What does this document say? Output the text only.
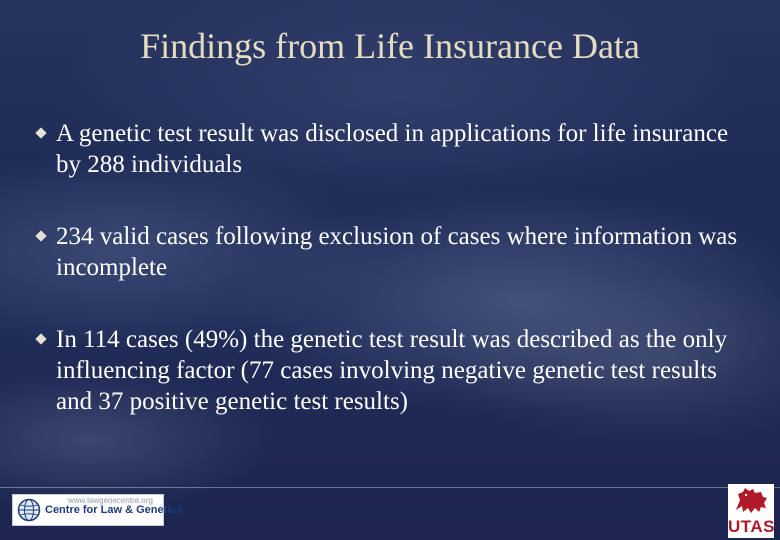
Findings from Life Insurance Data
A genetic test result was disclosed in applications for life insurance by 288 individuals
234 valid cases following exclusion of cases where information was incomplete
In 114 cases (49%) the genetic test result was described as the only influencing factor (77 cases involving negative genetic test results and 37 positive genetic test results)
Centre for Law & Genetics
www.lawgenecentre.org
UTAS
